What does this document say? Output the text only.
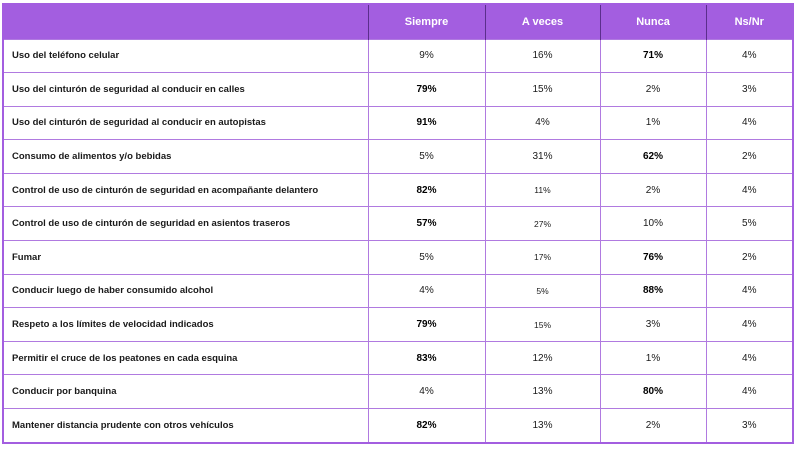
	Siempre	A veces	Nunca	Ns/Nr
Uso del teléfono celular	9%	16%	71%	4%
Uso del cinturón de seguridad al conducir en calles	79%	15%	2%	3%
Uso del cinturón de seguridad al conducir en autopistas	91%	4%	1%	4%
Consumo de alimentos y/o bebidas	5%	31%	62%	2%
Control de uso de cinturón de seguridad en acompañante delantero	82%	11%	2%	4%
Control de uso de cinturón de seguridad en asientos traseros	57%	27%	10%	5%
Fumar	5%	17%	76%	2%
Conducir luego de haber consumido alcohol	4%	5%	88%	4%
Respeto a los límites de velocidad indicados	79%	15%	3%	4%
Permitir el cruce de los peatones en cada esquina	83%	12%	1%	4%
Conducir por banquina	4%	13%	80%	4%
Mantener distancia prudente con otros vehículos	82%	13%	2%	3%
